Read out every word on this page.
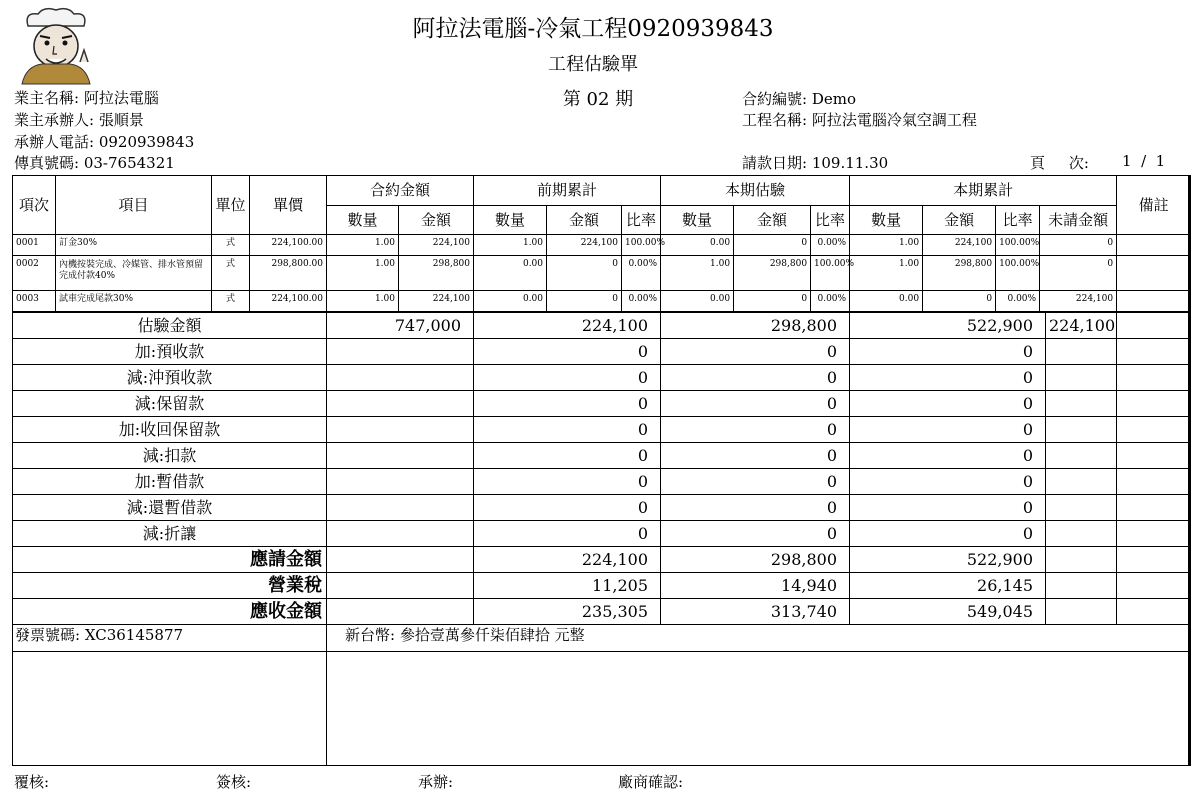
阿拉法電腦-冷氣工程0920939843
工程估驗單
第 02 期
業主名稱: 阿拉法電腦
業主承辦人: 張順景
承辦人電話: 0920939843
傳真號碼: 03-7654321
合約編號: Demo
工程名稱: 阿拉法電腦冷氣空調工程
請款日期: 109.11.30	頁     次: 1  /  1
項次	項目	單位	單價	合約金額		前期累計			本期估驗			本期累計				備註
				數量	金額	數量	金額	比率	數量	金額	比率	數量	金額	比率	未請金額	
0001	訂金30%	式	224,100.00	1.00	224,100	1.00	224,100	100.00%	0.00	0	0.00%	1.00	224,100	100.00%	0	
0002	內機按裝完成、冷媒管、排水管預留完成付款40%	式	298,800.00	1.00	298,800	0.00	0	0.00%	1.00	298,800	100.00%	1.00	298,800	100.00%	0	
0003	試車完成尾款30%	式	224,100.00	1.00	224,100	0.00	0	0.00%	0.00	0	0.00%	0.00	0	0.00%	224,100	
估驗金額	747,000	224,100	298,800	522,900	224,100	
加:預收款		0	0	0		
減:沖預收款		0	0	0		
減:保留款		0	0	0		
加:收回保留款		0	0	0		
減:扣款		0	0	0		
加:暫借款		0	0	0		
減:還暫借款		0	0	0		
減:折讓		0	0	0		
應請金額		224,100	298,800	522,900		
營業稅		11,205	14,940	26,145		
應收金額		235,305	313,740	549,045		
發票號碼: XC36145877	新台幣: 參拾壹萬參仟柒佰肆拾 元整

覆核:	簽核:	承辦:	廠商確認:
